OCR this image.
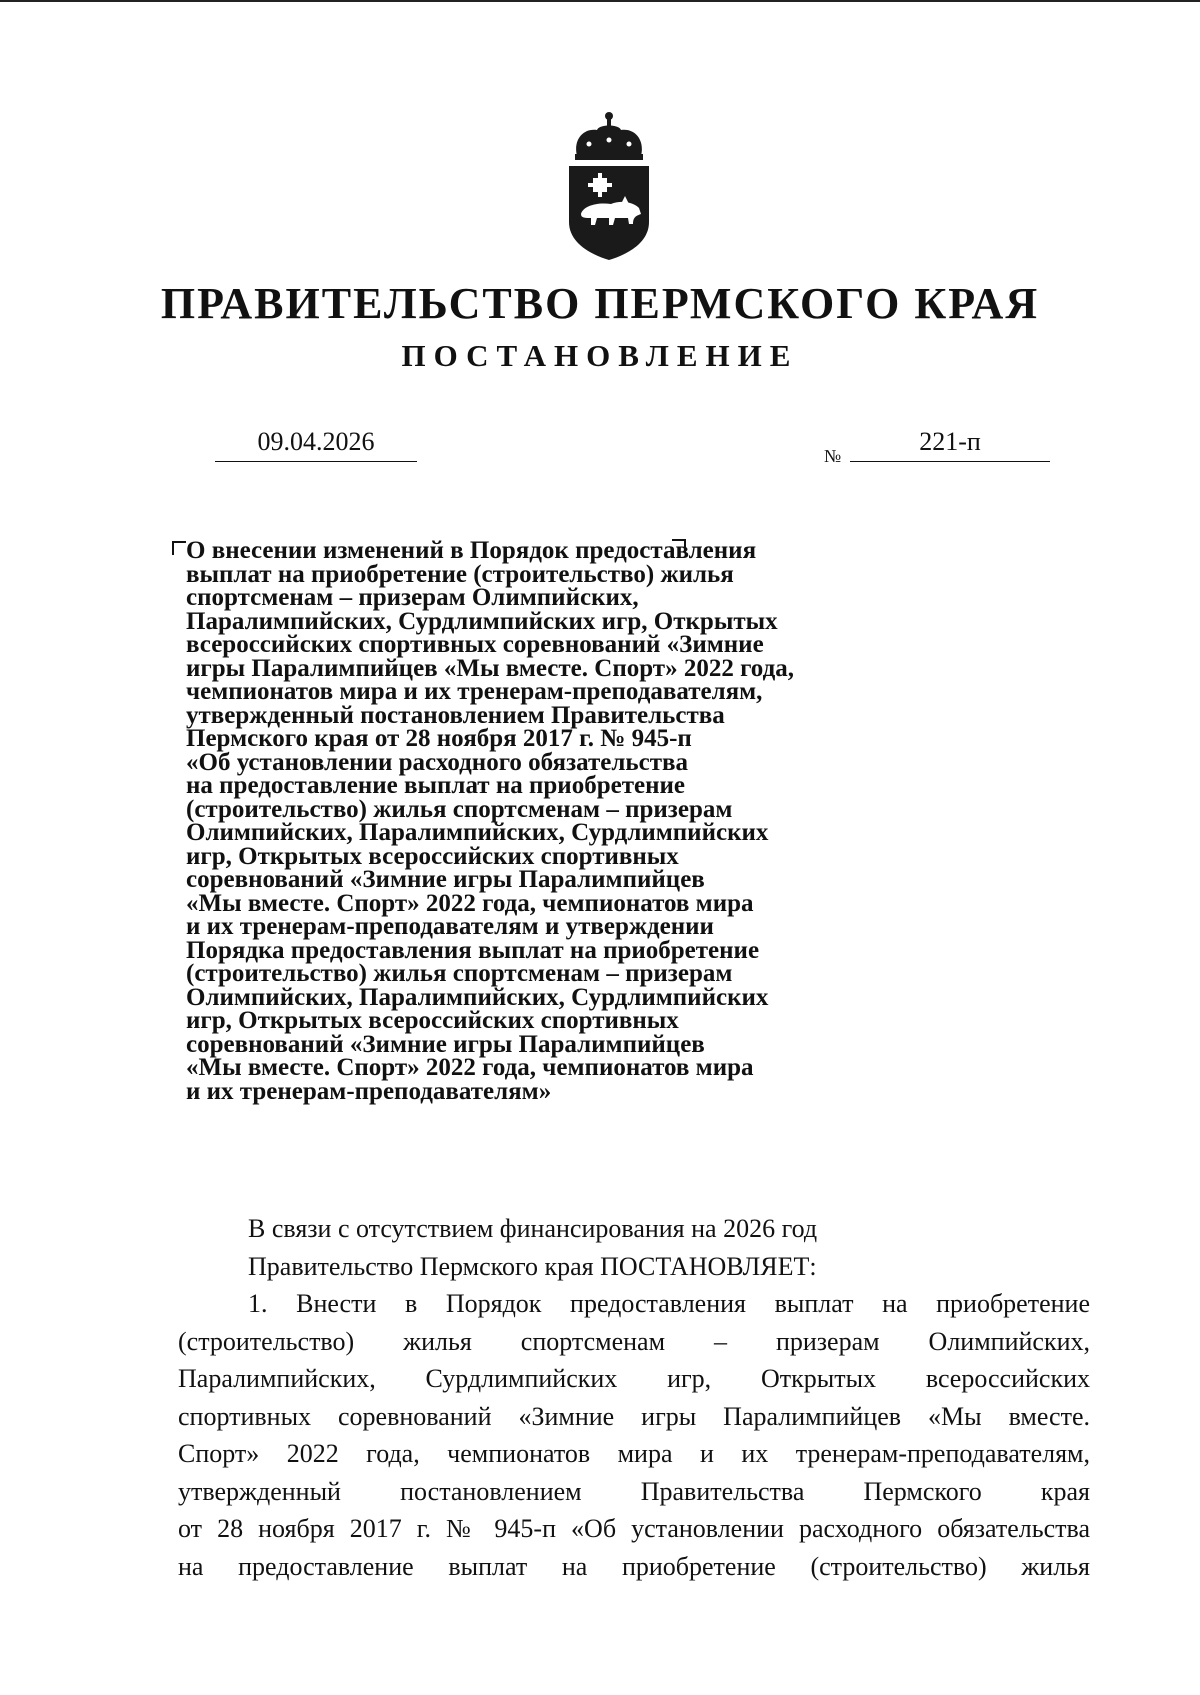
ПРАВИТЕЛЬСТВО ПЕРМСКОГО КРАЯ
ПОСТАНОВЛЕНИЕ
09.04.2026	№	221-п
О внесении изменений в Порядок предоставления
выплат на приобретение (строительство) жилья
спортсменам – призерам Олимпийских,
Паралимпийских, Сурдлимпийских игр, Открытых
всероссийских спортивных соревнований «Зимние
игры Паралимпийцев «Мы вместе. Спорт» 2022 года,
чемпионатов мира и их тренерам-преподавателям,
утвержденный постановлением Правительства
Пермского края от 28 ноября 2017 г. № 945-п
«Об установлении расходного обязательства
на предоставление выплат на приобретение
(строительство) жилья спортсменам – призерам
Олимпийских, Паралимпийских, Сурдлимпийских
игр, Открытых всероссийских спортивных
соревнований «Зимние игры Паралимпийцев
«Мы вместе. Спорт» 2022 года, чемпионатов мира
и их тренерам-преподавателям и утверждении
Порядка предоставления выплат на приобретение
(строительство) жилья спортсменам – призерам
Олимпийских, Паралимпийских, Сурдлимпийских
игр, Открытых всероссийских спортивных
соревнований «Зимние игры Паралимпийцев
«Мы вместе. Спорт» 2022 года, чемпионатов мира
и их тренерам-преподавателям»
В связи с отсутствием финансирования на 2026 год
Правительство Пермского края ПОСТАНОВЛЯЕТ:
1. Внести в Порядок предоставления выплат на приобретение
(строительство) жилья спортсменам – призерам Олимпийских,
Паралимпийских, Сурдлимпийских игр, Открытых всероссийских
спортивных соревнований «Зимние игры Паралимпийцев «Мы вместе.
Спорт» 2022 года, чемпионатов мира и их тренерам-преподавателям,
утвержденный постановлением Правительства Пермского края
от 28 ноября 2017 г. № 945-п «Об установлении расходного обязательства
на предоставление выплат на приобретение (строительство) жилья
